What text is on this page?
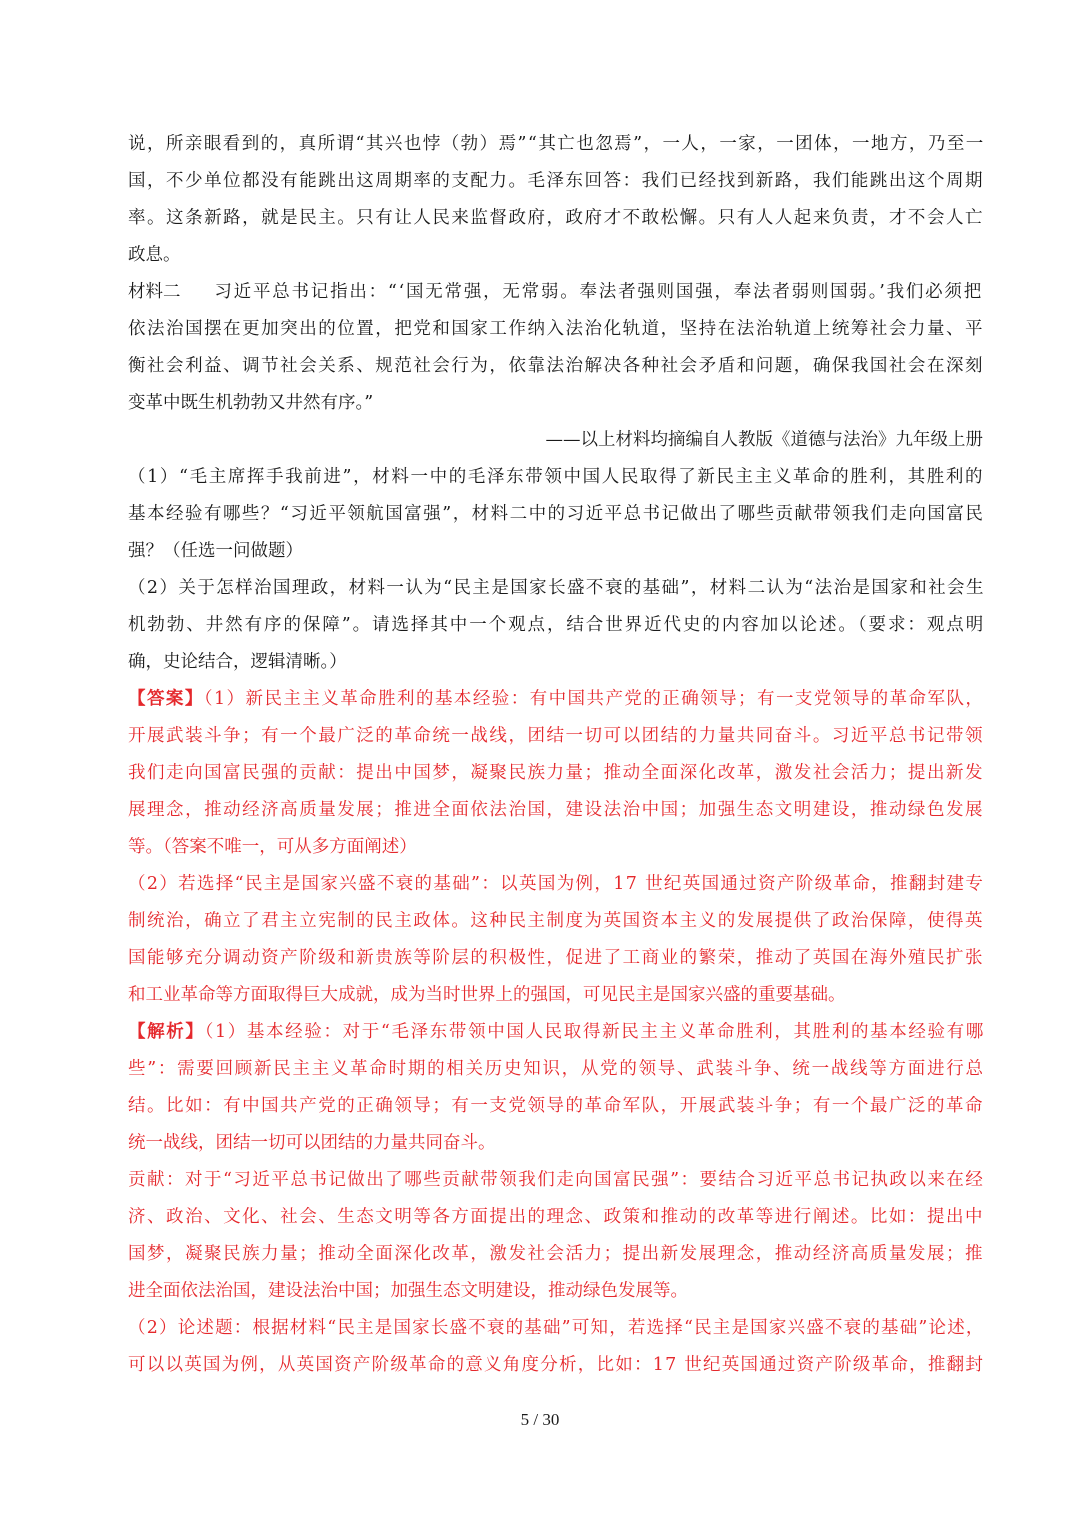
说，所亲眼看到的，真所谓“其兴也悖（勃）焉”“其亡也忽焉”，一人，一家，一团体，一地方，乃至一
国，不少单位都没有能跳出这周期率的支配力。毛泽东回答：我们已经找到新路，我们能跳出这个周期
率。这条新路，就是民主。只有让人民来监督政府，政府才不敢松懈。只有人人起来负责，才不会人亡
政息。
材料二	习近平总书记指出：“‘国无常强，无常弱。奉法者强则国强，奉法者弱则国弱。’我们必须把
依法治国摆在更加突出的位置，把党和国家工作纳入法治化轨道，坚持在法治轨道上统筹社会力量、平
衡社会利益、调节社会关系、规范社会行为，依靠法治解决各种社会矛盾和问题，确保我国社会在深刻
变革中既生机勃勃又井然有序。”
——以上材料均摘编自人教版《道德与法治》九年级上册
（1）“毛主席挥手我前进”，材料一中的毛泽东带领中国人民取得了新民主主义革命的胜利，其胜利的
基本经验有哪些？“习近平领航国富强”，材料二中的习近平总书记做出了哪些贡献带领我们走向国富民
强？（任选一问做题）
（2）关于怎样治国理政，材料一认为“民主是国家长盛不衰的基础”，材料二认为“法治是国家和社会生
机勃勃、井然有序的保障”。请选择其中一个观点，结合世界近代史的内容加以论述。（要求：观点明
确，史论结合，逻辑清晰。）
【答案】（1）新民主主义革命胜利的基本经验：有中国共产党的正确领导；有一支党领导的革命军队，
开展武装斗争；有一个最广泛的革命统一战线，团结一切可以团结的力量共同奋斗。习近平总书记带领
我们走向国富民强的贡献：提出中国梦，凝聚民族力量；推动全面深化改革，激发社会活力；提出新发
展理念，推动经济高质量发展；推进全面依法治国，建设法治中国；加强生态文明建设，推动绿色发展
等。（答案不唯一，可从多方面阐述）
（2）若选择“民主是国家兴盛不衰的基础”：以英国为例，17 世纪英国通过资产阶级革命，推翻封建专
制统治，确立了君主立宪制的民主政体。这种民主制度为英国资本主义的发展提供了政治保障，使得英
国能够充分调动资产阶级和新贵族等阶层的积极性，促进了工商业的繁荣，推动了英国在海外殖民扩张
和工业革命等方面取得巨大成就，成为当时世界上的强国，可见民主是国家兴盛的重要基础。
【解析】（1）基本经验：对于“毛泽东带领中国人民取得新民主主义革命胜利，其胜利的基本经验有哪
些”：需要回顾新民主主义革命时期的相关历史知识，从党的领导、武装斗争、统一战线等方面进行总
结。比如：有中国共产党的正确领导；有一支党领导的革命军队，开展武装斗争；有一个最广泛的革命
统一战线，团结一切可以团结的力量共同奋斗。
贡献：对于“习近平总书记做出了哪些贡献带领我们走向国富民强”：要结合习近平总书记执政以来在经
济、政治、文化、社会、生态文明等各方面提出的理念、政策和推动的改革等进行阐述。比如：提出中
国梦，凝聚民族力量；推动全面深化改革，激发社会活力；提出新发展理念，推动经济高质量发展；推
进全面依法治国，建设法治中国；加强生态文明建设，推动绿色发展等。
（2）论述题：根据材料“民主是国家长盛不衰的基础”可知，若选择“民主是国家兴盛不衰的基础”论述，
可以以英国为例，从英国资产阶级革命的意义角度分析，比如：17 世纪英国通过资产阶级革命，推翻封
5 / 30
